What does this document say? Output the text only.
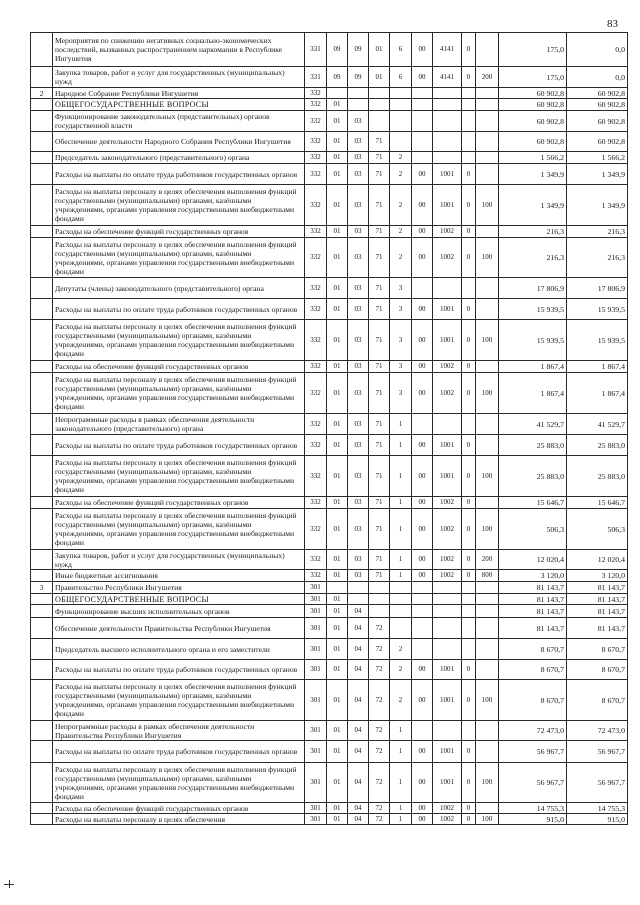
83
	Мероприятия по снижению негативных социально-экономических последствий, вызванных распространением наркомании в Республике Ингушетия	331	09	09	01	6	00	4141	0		175,0	0,0
	Закупка товаров, работ и услуг для государственных (муниципальных) нужд	331	09	09	01	6	00	4141	0	200	175,0	0,0
2	Народное Собрание Республики Ингушетия	332									60 902,8	60 902,8
	ОБЩЕГОСУДАРСТВЕННЫЕ ВОПРОСЫ	332	01								60 902,8	60 902,8
	Функционирование законодательных (представительных) органов государственной власти	332	01	03							60 902,8	60 902,8
	Обеспечение деятельности Народного Собрания Республики Ингушетия	332	01	03	71						60 902,8	60 902,8
	Председатель законодательного (представительного) органа	332	01	03	71	2					1 566,2	1 566,2
	Расходы на выплаты по оплате труда работников государственных органов	332	01	03	71	2	00	1001	0		1 349,9	1 349,9
	Расходы на выплаты персоналу в целях обеспечения выполнения функций государственными (муниципальными) органами, казёнными учреждениями, органами управления государственными внебюджетными фондами	332	01	03	71	2	00	1001	0	100	1 349,9	1 349,9
	Расходы на обеспечение функций государственных органов	332	01	03	71	2	00	1002	0		216,3	216,3
	Расходы на выплаты персоналу в целях обеспечения выполнения функций государственными (муниципальными) органами, казёнными учреждениями, органами управления государственными внебюджетными фондами	332	01	03	71	2	00	1002	0	100	216,3	216,3
	Депутаты (члены) законодательного (представительного) органа	332	01	03	71	3					17 806,9	17 806,9
	Расходы на выплаты по оплате труда работников государственных органов	332	01	03	71	3	00	1001	0		15 939,5	15 939,5
	Расходы на выплаты персоналу в целях обеспечения выполнения функций государственными (муниципальными) органами, казёнными учреждениями, органами управления государственными внебюджетными фондами	332	01	03	71	3	00	1001	0	100	15 939,5	15 939,5
	Расходы на обеспечение функций государственных органов	332	01	03	71	3	00	1002	0		1 867,4	1 867,4
	Расходы на выплаты персоналу в целях обеспечения выполнения функций государственными (муниципальными) органами, казёнными учреждениями, органами управления государственными внебюджетными фондами	332	01	03	71	3	00	1002	0	100	1 867,4	1 867,4
	Непрограммные расходы в рамках обеспечения деятельности законодательного (представительного) органа	332	01	03	71	1					41 529,7	41 529,7
	Расходы на выплаты по оплате труда работников государственных органов	332	01	03	71	1	00	1001	0		25 883,0	25 883,0
	Расходы на выплаты персоналу в целях обеспечения выполнения функций государственными (муниципальными) органами, казёнными учреждениями, органами управления государственными внебюджетными фондами	332	01	03	71	1	00	1001	0	100	25 883,0	25 883,0
	Расходы на обеспечение функций государственных органов	332	01	03	71	1	00	1002	0		15 646,7	15 646,7
	Расходы на выплаты персоналу в целях обеспечения выполнения функций государственными (муниципальными) органами, казёнными учреждениями, органами управления государственными внебюджетными фондами	332	01	03	71	1	00	1002	0	100	506,3	506,3
	Закупка товаров, работ и услуг для государственных (муниципальных) нужд	332	01	03	71	1	00	1002	0	200	12 020,4	12 020,4
	Иные бюджетные ассигнования	332	01	03	71	1	00	1002	0	800	3 120,0	3 120,0
3	Правительство Республики Ингушетия	301									81 143,7	81 143,7
	ОБЩЕГОСУДАРСТВЕННЫЕ ВОПРОСЫ	301	01								81 143,7	81 143,7
	Функционирование высших исполнительных органов	301	01	04							81 143,7	81 143,7
	Обеспечение деятельности Правительства Республики Ингушетия	301	01	04	72						81 143,7	81 143,7
	Председатель высшего исполнительного органа и его заместители	301	01	04	72	2					8 670,7	8 670,7
	Расходы на выплаты по оплате труда работников государственных органов	301	01	04	72	2	00	1001	0		8 670,7	8 670,7
	Расходы на выплаты персоналу в целях обеспечения выполнения функций государственными (муниципальными) органами, казёнными учреждениями, органами управления государственными внебюджетными фондами	301	01	04	72	2	00	1001	0	100	8 670,7	8 670,7
	Непрограммные расходы в рамках обеспечения деятельности Правительства Республики Ингушетия	301	01	04	72	1					72 473,0	72 473,0
	Расходы на выплаты по оплате труда работников государственных органов	301	01	04	72	1	00	1001	0		56 967,7	56 967,7
	Расходы на выплаты персоналу в целях обеспечения выполнения функций государственными (муниципальными) органами, казёнными учреждениями, органами управления государственными внебюджетными фондами	301	01	04	72	1	00	1001	0	100	56 967,7	56 967,7
	Расходы на обеспечение функций государственных органов	301	01	04	72	1	00	1002	0		14 755,3	14 755,3
	Расходы на выплаты персоналу в целях обеспечения	301	01	04	72	1	00	1002	0	100	915,0	915,0
